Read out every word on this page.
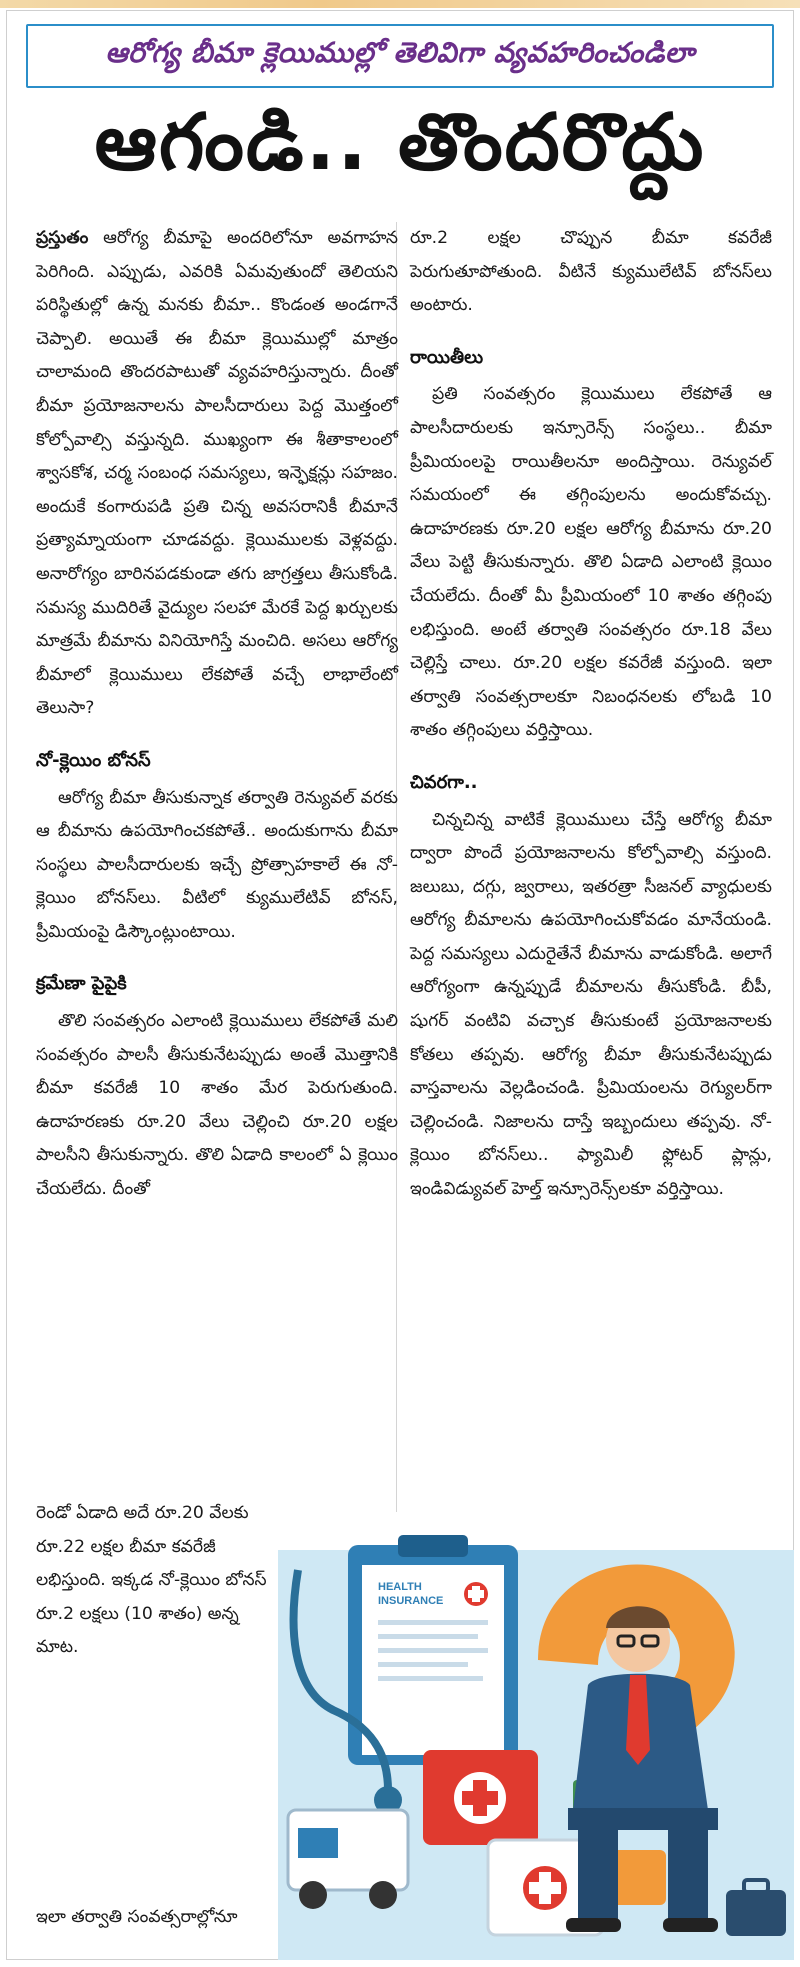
ఆరోగ్య బీమా క్లెయిముల్లో తెలివిగా వ్యవహరించండిలా
ఆగండి.. తొందరొద్దు

ప్రస్తుతం ఆరోగ్య బీమాపై అందరిలోనూ అవగాహన పెరిగింది. ఎప్పుడు, ఎవరికి ఏమవుతుందో తెలియని పరిస్థితుల్లో ఉన్న మనకు బీమా.. కొండంత అండగానే చెప్పాలి. అయితే ఈ బీమా క్లెయిముల్లో మాత్రం చాలామంది తొందరపాటుతో వ్యవహరిస్తున్నారు. దీంతో బీమా ప్రయోజనాలను పాలసీదారులు పెద్ద మొత్తంలో కోల్పోవాల్సి వస్తున్నది. ముఖ్యంగా ఈ శీతాకాలంలో శ్వాసకోశ, చర్మ సంబంధ సమస్యలు, ఇన్ఫెక్షన్లు సహజం. అందుకే కంగారుపడి ప్రతి చిన్న అవసరానికీ బీమానే ప్రత్యామ్నాయంగా చూడవద్దు. క్లెయిములకు వెళ్లవద్దు. అనారోగ్యం బారినపడకుండా తగు జాగ్రత్తలు తీసుకోండి. సమస్య ముదిరితే వైద్యుల సలహా మేరకే పెద్ద ఖర్చులకు మాత్రమే బీమాను వినియోగిస్తే మంచిది. అసలు ఆరోగ్య బీమాలో క్లెయిములు లేకపోతే వచ్చే లాభాలేంటో తెలుసా?

నో-క్లెయిం బోనస్

ఆరోగ్య బీమా తీసుకున్నాక తర్వాతి రెన్యువల్ వరకు ఆ బీమాను ఉపయోగించకపోతే.. అందుకుగాను బీమా సంస్థలు పాలసీదారులకు ఇచ్చే ప్రోత్సాహకాలే ఈ నో-క్లెయిం బోనస్‌లు. వీటిలో క్యుములేటివ్ బోనస్, ప్రీమియంపై డిస్కౌంట్లుంటాయి.

క్రమేణా పైపైకి

తొలి సంవత్సరం ఎలాంటి క్లెయిములు లేకపోతే మలి సంవత్సరం పాలసీ తీసుకునేటప్పుడు అంతే మొత్తానికి బీమా కవరేజీ 10 శాతం మేర పెరుగుతుంది. ఉదాహరణకు రూ.20 వేలు చెల్లించి రూ.20 లక్షల పాలసీని తీసుకున్నారు. తొలి ఏడాది కాలంలో ఏ క్లెయిం చేయలేదు. దీంతో

రెండో ఏడాది అదే రూ.20 వేలకు రూ.22 లక్షల బీమా కవరేజీ లభిస్తుంది. ఇక్కడ నో-క్లెయిం బోనస్ రూ.2 లక్షలు (10 శాతం) అన్న మాట.
ఇలా తర్వాతి సంవత్సరాల్లోనూ

రూ.2 లక్షల చొప్పున బీమా కవరేజీ పెరుగుతూపోతుంది. వీటినే క్యుములేటివ్ బోనస్‌లు అంటారు.

రాయితీలు

ప్రతి సంవత్సరం క్లెయిములు లేకపోతే ఆ పాలసీదారులకు ఇన్సూరెన్స్ సంస్థలు.. బీమా ప్రీమియంలపై రాయితీలనూ అందిస్తాయి. రెన్యువల్ సమయంలో ఈ తగ్గింపులను అందుకోవచ్చు. ఉదాహరణకు రూ.20 లక్షల ఆరోగ్య బీమాను రూ.20 వేలు పెట్టి తీసుకున్నారు. తొలి ఏడాది ఎలాంటి క్లెయిం చేయలేదు. దీంతో మీ ప్రీమియంలో 10 శాతం తగ్గింపు లభిస్తుంది. అంటే తర్వాతి సంవత్సరం రూ.18 వేలు చెల్లిస్తే చాలు. రూ.20 లక్షల కవరేజీ వస్తుంది. ఇలా తర్వాతి సంవత్సరాలకూ నిబంధనలకు లోబడి 10 శాతం తగ్గింపులు వర్తిస్తాయి.

చివరగా..

చిన్నచిన్న వాటికే క్లెయిములు చేస్తే ఆరోగ్య బీమా ద్వారా పొందే ప్రయోజనాలను కోల్పోవాల్సి వస్తుంది. జలుబు, దగ్గు, జ్వరాలు, ఇతరత్రా సీజనల్ వ్యాధులకు ఆరోగ్య బీమాలను ఉపయోగించుకోవడం మానేయండి. పెద్ద సమస్యలు ఎదురైతేనే బీమాను వాడుకోండి. అలాగే ఆరోగ్యంగా ఉన్నప్పుడే బీమాలను తీసుకోండి. బీపీ, షుగర్ వంటివి వచ్చాక తీసుకుంటే ప్రయోజనాలకు కోతలు తప్పవు. ఆరోగ్య బీమా తీసుకునేటప్పుడు వాస్తవాలను వెల్లడించండి. ప్రీమియంలను రెగ్యులర్‌గా చెల్లించండి. నిజాలను దాస్తే ఇబ్బందులు తప్పవు. నో-క్లెయిం బోనస్‌లు.. ఫ్యామిలీ ఫ్లోటర్ ప్లాన్లు, ఇండివిడ్యువల్ హెల్త్ ఇన్సూరెన్స్‌లకూ వర్తిస్తాయి.

HEALTH
INSURANCE
